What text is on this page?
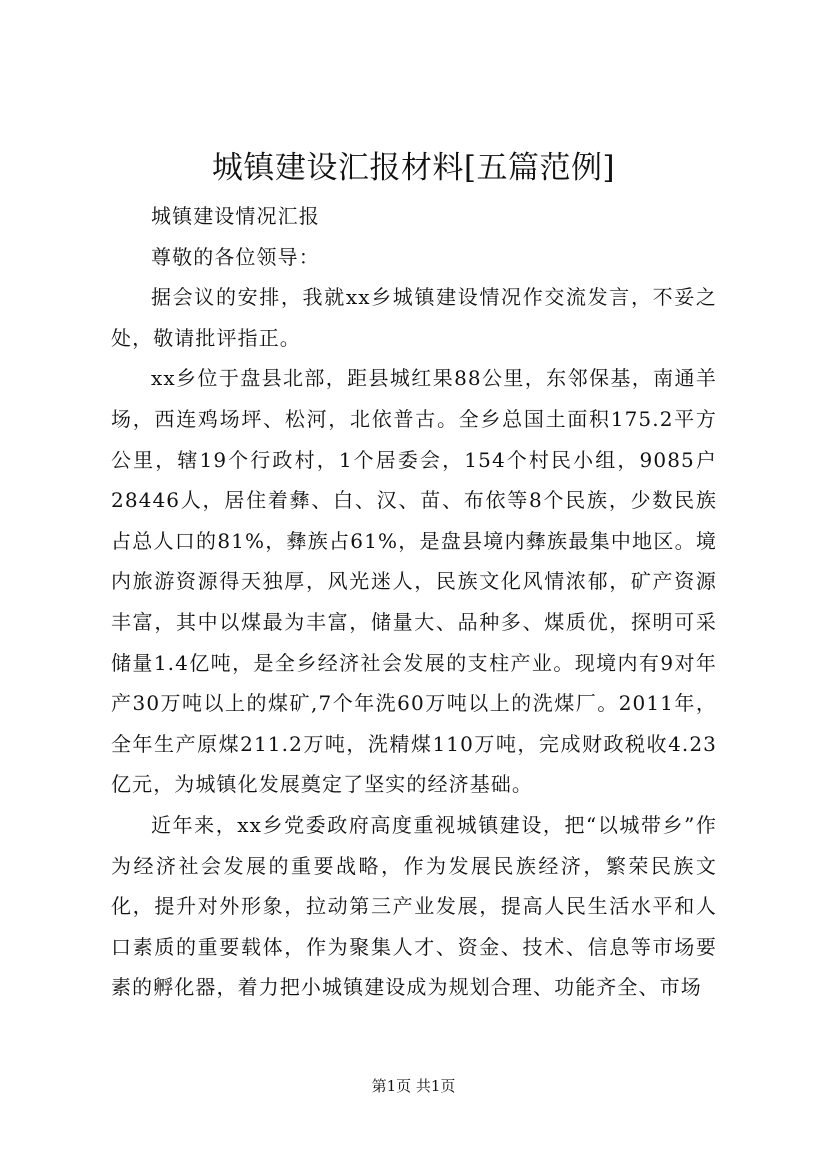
城镇建设汇报材料[五篇范例]

城镇建设情况汇报

尊敬的各位领导：

据会议的安排，我就xx乡城镇建设情况作交流发言，不妥之处，敬请批评指正。

xx乡位于盘县北部，距县城红果88公里，东邻保基，南通羊场，西连鸡场坪、松河，北依普古。全乡总国土面积175.2平方公里，辖19个行政村，1个居委会，154个村民小组，9085户28446人，居住着彝、白、汉、苗、布依等8个民族，少数民族占总人口的81%，彝族占61%，是盘县境内彝族最集中地区。境内旅游资源得天独厚，风光迷人，民族文化风情浓郁，矿产资源丰富，其中以煤最为丰富，储量大、品种多、煤质优，探明可采储量1.4亿吨，是全乡经济社会发展的支柱产业。现境内有9对年产30万吨以上的煤矿,7个年洗60万吨以上的洗煤厂。2011年，全年生产原煤211.2万吨，洗精煤110万吨，完成财政税收4.23亿元，为城镇化发展奠定了坚实的经济基础。

近年来，xx乡党委政府高度重视城镇建设，把“以城带乡”作为经济社会发展的重要战略，作为发展民族经济，繁荣民族文化，提升对外形象，拉动第三产业发展，提高人民生活水平和人口素质的重要载体，作为聚集人才、资金、技术、信息等市场要素的孵化器，着力把小城镇建设成为规划合理、功能齐全、市场

第1页 共1页
